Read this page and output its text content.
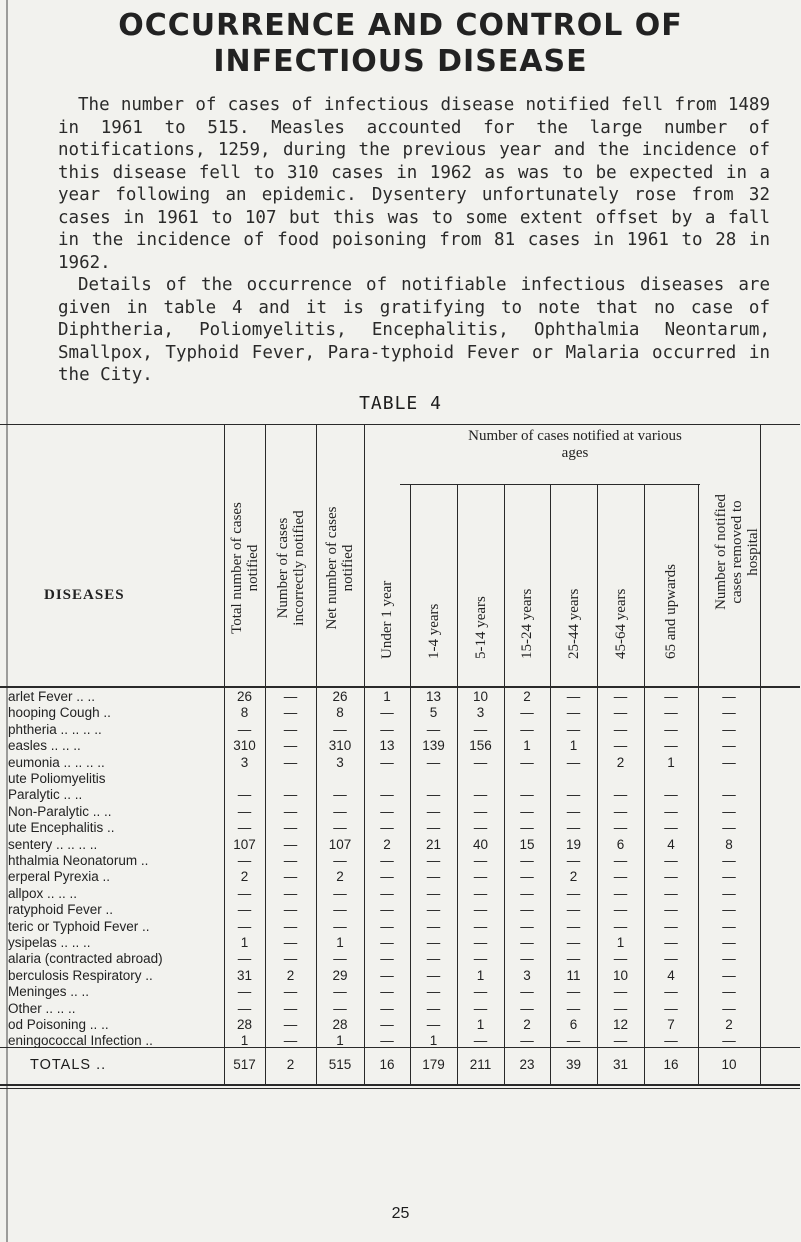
OCCURRENCE AND CONTROL OF
INFECTIOUS DISEASE

The number of cases of infectious disease notified fell from 1489 in 1961 to 515. Measles accounted for the large number of notifications, 1259, during the previous year and the incidence of this disease fell to 310 cases in 1962 as was to be expected in a year following an epidemic. Dysentery unfortunately rose from 32 cases in 1961 to 107 but this was to some extent offset by a fall in the incidence of food poisoning from 81 cases in 1961 to 28 in 1962.

Details of the occurrence of notifiable infectious diseases are given in table 4 and it is gratifying to note that no case of Diphtheria, Poliomyelitis, Encephalitis, Ophthalmia Neontarum, Smallpox, Typhoid Fever, Para-typhoid Fever or Malaria occurred in the City.

TABLE 4
DISEASES
Number of cases notified at various ages
Total number of cases notified Number of cases incorrectly notified Net number of cases notified
Under 1 year 1-4 years 5-14 years 15-24 years 25-44 years 45-64 years 65 and upwards
Number of notified cases removed to hospital
arlet Fever .. ..	26	—	26	1	13	10	2	—	—	—	—
hooping Cough ..	8	—	8	—	5	3	—	—	—	—	—
phtheria .. .. .. ..	—	—	—	—	—	—	—	—	—	—	—
easles .. .. ..	310	—	310	13	139	156	1	1	—	—	—
eumonia .. .. .. ..	3	—	3	—	—	—	—	—	2	1	—
ute Poliomyelitis
Paralytic .. ..	—	—	—	—	—	—	—	—	—	—	—
Non-Paralytic .. ..	—	—	—	—	—	—	—	—	—	—	—
ute Encephalitis ..	—	—	—	—	—	—	—	—	—	—	—
sentery .. .. .. ..	107	—	107	2	21	40	15	19	6	4	8
hthalmia Neonatorum ..	—	—	—	—	—	—	—	—	—	—	—
erperal Pyrexia ..	2	—	2	—	—	—	—	2	—	—	—
allpox .. .. ..	—	—	—	—	—	—	—	—	—	—	—
ratyphoid Fever ..	—	—	—	—	—	—	—	—	—	—	—
teric or Typhoid Fever ..	—	—	—	—	—	—	—	—	—	—	—
ysipelas .. .. ..	1	—	1	—	—	—	—	—	1	—	—
alaria (contracted abroad)	—	—	—	—	—	—	—	—	—	—	—
berculosis Respiratory ..	31	2	29	—	—	1	3	11	10	4	—
Meninges .. ..	—	—	—	—	—	—	—	—	—	—	—
Other .. .. ..	—	—	—	—	—	—	—	—	—	—	—
od Poisoning .. ..	28	—	28	—	—	1	2	6	12	7	2
eningococcal Infection ..	1	—	1	—	1	—	—	—	—	—	—
TOTALS ..	517	2	515	16	179	211	23	39	31	16	10
25
